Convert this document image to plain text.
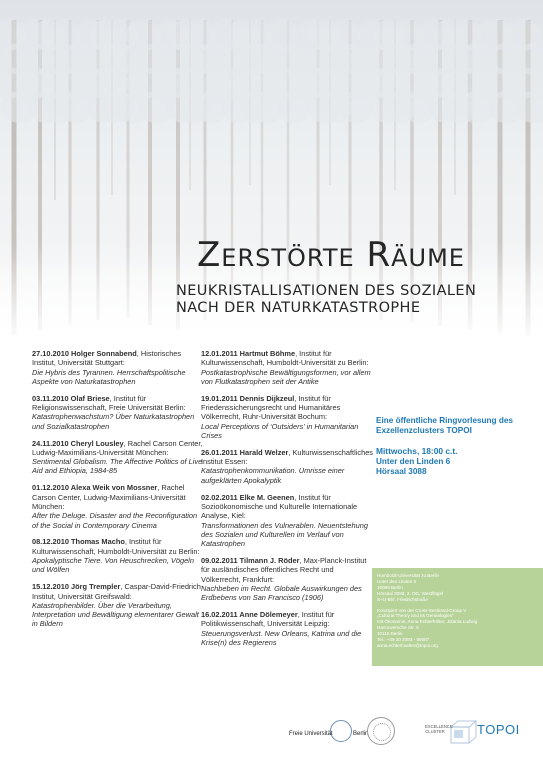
Zerstörte Räume
NEUKRISTALLISATIONEN DES SOZIALEN
NACH DER NATURKATASTROPHE
27.10.2010 Holger Sonnabend, Historisches Institut, Universität Stuttgart:
Die Hybris des Tyrannen. Herrschaftspolitische Aspekte von Naturkatastrophen
03.11.2010 Olaf Briese, Institut für Religionswissenschaft, Freie Universität Berlin:
Katastrophenwachstum? Über Naturkatastrophen und Sozialkatastrophen
24.11.2010 Cheryl Lousley, Rachel Carson Center, Ludwig-Maximilians-Universität München:
Sentimental Globalism. The Affective Politics of Live Aid and Ethiopia, 1984-85
01.12.2010 Alexa Weik von Mossner, Rachel Carson Center, Ludwig-Maximilians-Universität München:
After the Deluge. Disaster and the Reconfiguration of the Social in Contemporary Cinema
08.12.2010 Thomas Macho, Institut für Kulturwissenschaft, Humboldt-Universität zu Berlin:
Apokalyptische Tiere. Von Heuschrecken, Vögeln und Wölfen
15.12.2010 Jörg Trempler, Caspar-David-Friedrich-Institut, Universität Greifswald:
Katastrophenbilder. Über die Verarbeitung, Interpretation und Bewältigung elementarer Gewalt in Bildern
12.01.2011 Hartmut Böhme, Institut für Kulturwissenschaft, Humboldt-Universität zu Berlin:
Postkatastrophische Bewältigungsformen, vor allem von Flutkatastrophen seit der Antike
19.01.2011 Dennis Dijkzeul, Institut für Friedenssicherungsrecht und Humanitäres Völkerrecht, Ruhr-Universität Bochum:
Local Perceptions of ‘Outsiders’ in Humanitarian Crises
26.01.2011 Harald Welzer, Kulturwissenschaftliches Institut Essen:
Katastrophenkommunikation. Umrisse einer aufgeklärten Apokalyptik
02.02.2011 Elke M. Geenen, Institut für Sozioökonomische und Kulturelle Internationale Analyse, Kiel:
Transformationen des Vulnerablen. Neuentstehung des Sozialen und Kulturellen im Verlauf von Katastrophen
09.02.2011 Tilmann J. Röder, Max-Planck-Institut für ausländisches öffentliches Recht und Völkerrecht, Frankfurt:
Nachbeben im Recht. Globale Auswirkungen des Erdbebens von San Francisco (1906)
16.02.2011 Anne Dölemeyer, Institut für Politikwissenschaft, Universität Leipzig:
Steuerungsverlust. New Orleans, Katrina und die Krise(n) des Regierens
Eine öffentliche Ringvorlesung des
Exzellenzclusters TOPOI
Mittwochs, 18:00 c.t.
Unter den Linden 6
Hörsaal 3088
Humboldt-Universität zu Berlin
Unter den Linden 6
10099 Berlin
Hörsaal 3088, 2. OG, Westflügel
S+U-Bhf. Friedrichstraße
Konzipiert von der Cross-Sectional-Group V
„Cultural Theory and Its Genealogies“
mit Ökonomie, Anna Echterhölter, Jolanta Ludwig
Hannoversche Str. 6
10115 Berlin
Tel.: +49 30 2093 - 99087
anna.echterhoelter@topoi.org
Freie Universität	Berlin
EXCELLENCE
CLUSTER TOPOI
